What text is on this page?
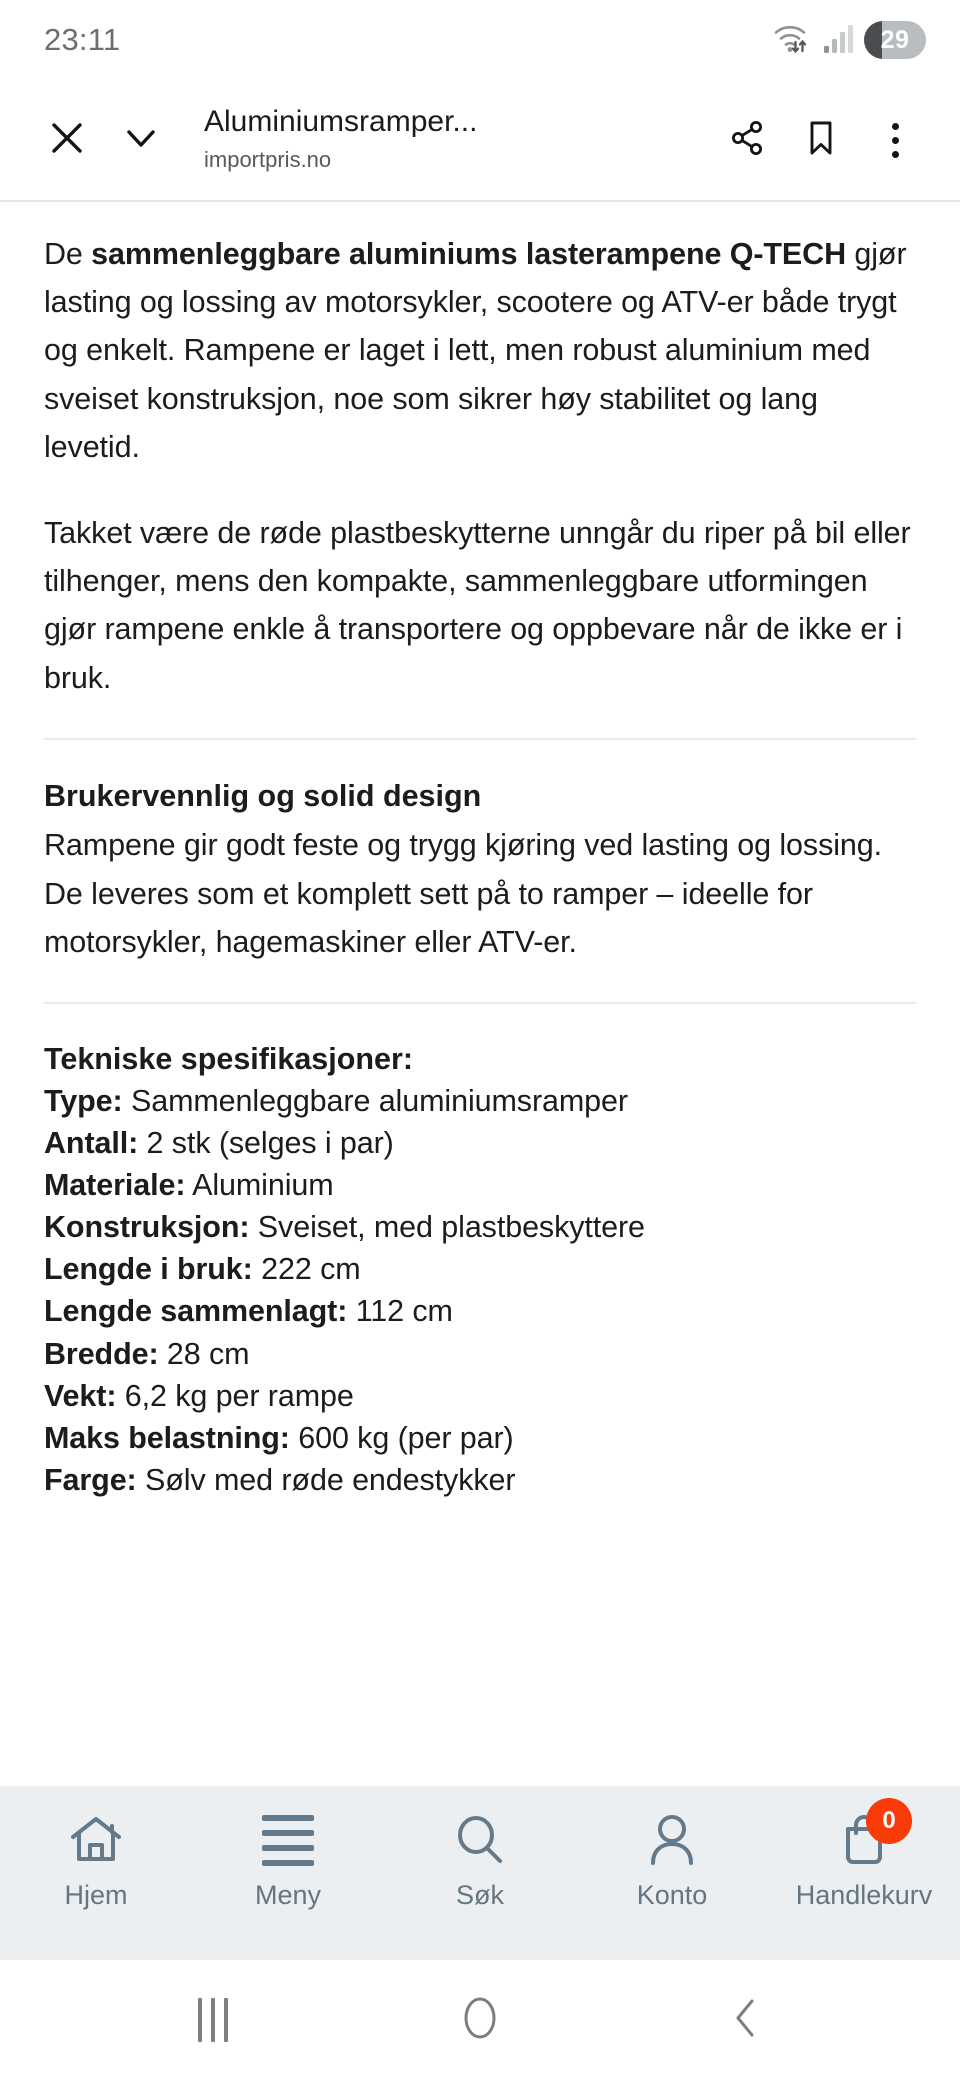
23:11	29
Aluminiumsramper...
importpris.no

De sammenleggbare aluminiums lasterampene Q-TECH gjør lasting og lossing av motorsykler, scootere og ATV-er både trygt og enkelt. Rampene er laget i lett, men robust aluminium med sveiset konstruksjon, noe som sikrer høy stabilitet og lang levetid.

Takket være de røde plastbeskytterne unngår du riper på bil eller tilhenger, mens den kompakte, sammenleggbare utformingen gjør rampene enkle å transportere og oppbevare når de ikke er i bruk.

Brukervennlig og solid design
Rampene gir godt feste og trygg kjøring ved lasting og lossing. De leveres som et komplett sett på to ramper – ideelle for motorsykler, hagemaskiner eller ATV-er.
Tekniske spesifikasjoner:
Type: Sammenleggbare aluminiumsramper
Antall: 2 stk (selges i par)
Materiale: Aluminium
Konstruksjon: Sveiset, med plastbeskyttere
Lengde i bruk: 222 cm
Lengde sammenlagt: 112 cm
Bredde: 28 cm
Vekt: 6,2 kg per rampe
Maks belastning: 600 kg (per par)
Farge: Sølv med røde endestykker
Hjem	Meny	Søk	Konto
0
Handlekurv
